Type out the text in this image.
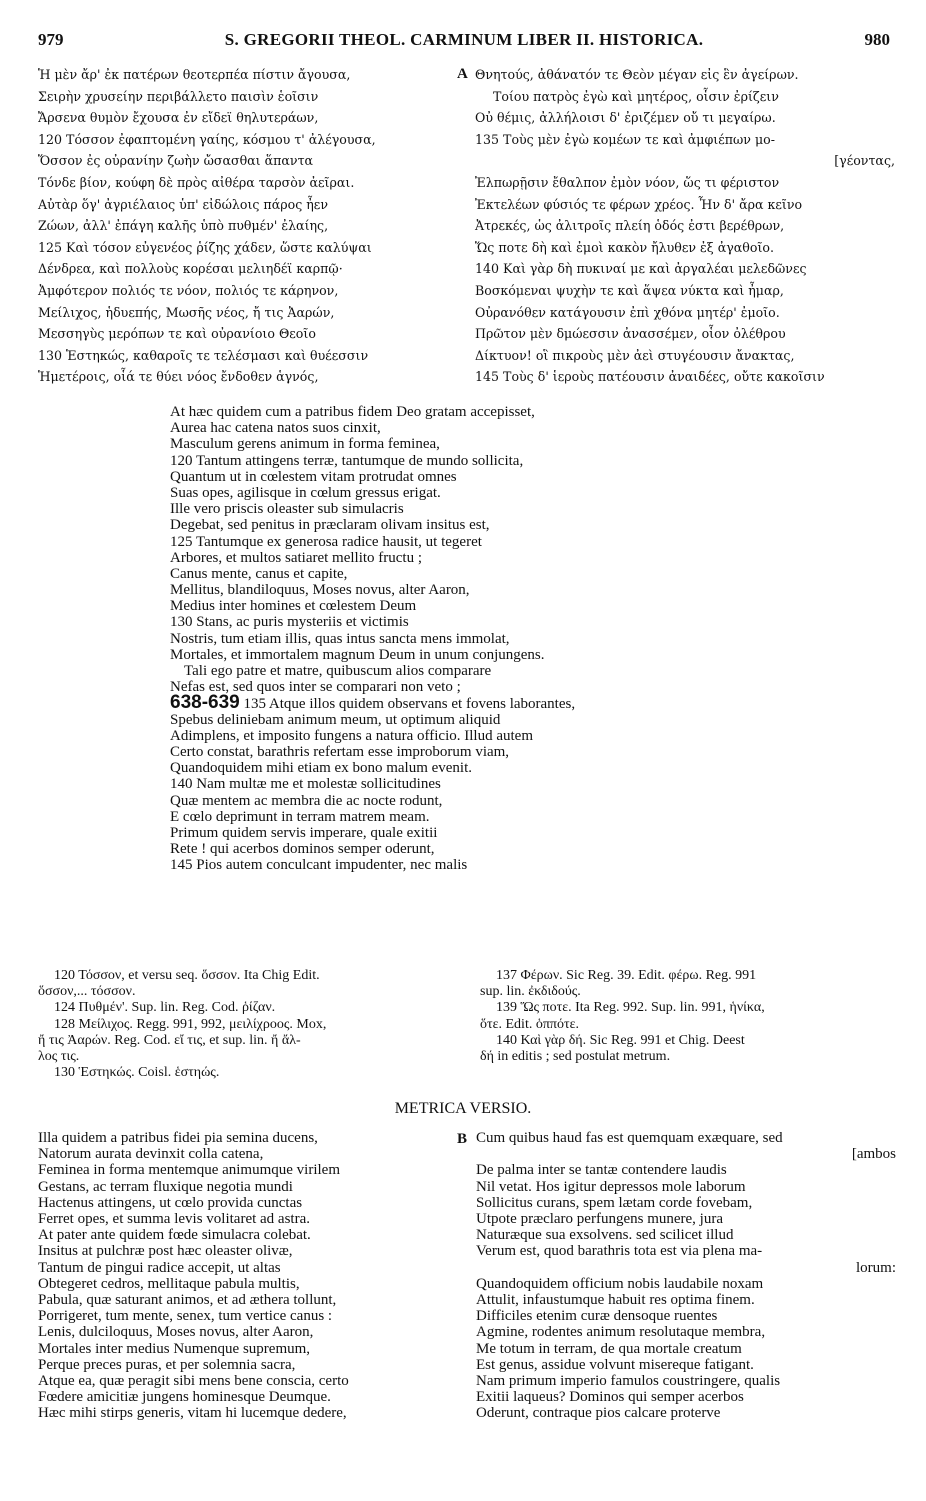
979	S. GREGORII THEOL. CARMINUM LIBER II. HISTORICA.	980
Ἡ μὲν ἄρ' ἐκ πατέρων θεοτερπέα πίστιν ἄγουσα,
Σειρὴν χρυσείην περιβάλλετο παισὶν ἑοῖσιν
Ἄρσενα θυμὸν ἔχουσα ἐν εἴδεϊ θηλυτεράων,
120 Τόσσον ἐφαπτομένη γαίης, κόσμου τ' ἀλέγουσα,
Ὅσσον ἐς οὐρανίην ζωὴν ὤσασθαι ἅπαντα
Τόνδε βίον, κούφη δὲ πρὸς αἰθέρα ταρσὸν ἀεῖραι.
Αὐτὰρ ὅγ' ἀγριέλαιος ὑπ' εἰδώλοις πάρος ἦεν
Ζώων, ἀλλ' ἐπάγη καλῆς ὑπὸ πυθμέν' ἐλαίης,
125 Καὶ τόσον εὐγενέος ῥίζης χάδεν, ὥστε καλύψαι
Δένδρεα, καὶ πολλοὺς κορέσαι μελιηδέϊ καρπῷ·
Ἀμφότερον πολιός τε νόον, πολιός τε κάρηνον,
Μείλιχος, ἡδυεπής, Μωσῆς νέος, ἤ τις Ἀαρών,
Μεσσηγὺς μερόπων τε καὶ οὐρανίοιο Θεοῖο
130 Ἑστηκώς, καθαροῖς τε τελέσμασι καὶ θυέεσσιν
Ἡμετέροις, οἷά τε θύει νόος ἔνδοθεν ἁγνός,
Θνητούς, ἀθάνατόν τε Θεὸν μέγαν εἰς ἓν ἀγείρων.
Τοίου πατρὸς ἐγὼ καὶ μητέρος, οἷσιν ἐρίζειν
Οὐ θέμις, ἀλλήλοισι δ' ἐριζέμεν οὔ τι μεγαίρω.
135 Τοὺς μὲν ἐγὼ κομέων τε καὶ ἀμφιέπων μο-
[γέοντας,
Ἐλπωρῇσιν ἔθαλπον ἐμὸν νόον, ὥς τι φέριστον
Ἐκτελέων φύσιός τε φέρων χρέος. Ἦν δ' ἄρα κεῖνο
Ἀτρεκές, ὡς ἀλιτροῖς πλείη ὁδός ἐστι βερέθρων,
Ὥς ποτε δὴ καὶ ἐμοὶ κακὸν ἤλυθεν ἐξ ἀγαθοῖο.
140 Καὶ γὰρ δὴ πυκιναί με καὶ ἀργαλέαι μελεδῶνες
Βοσκόμεναι ψυχὴν τε καὶ ἅψεα νύκτα καὶ ἦμαρ,
Οὐρανόθεν κατάγουσιν ἐπὶ χθόνα μητέρ' ἐμοῖο.
Πρῶτον μὲν δμώεσσιν ἀνασσέμεν, οἷον ὀλέθρου
Δίκτυον! οἳ πικροὺς μὲν ἀεὶ στυγέουσιν ἄνακτας,
145 Τοὺς δ' ἱεροὺς πατέουσιν ἀναιδέες, οὔτε κακοῖσιν
A
At hæc quidem cum a patribus fidem Deo gratam accepisset,
Aurea hac catena natos suos cinxit,
Masculum gerens animum in forma feminea,
120 Tantum attingens terræ, tantumque de mundo sollicita,
Quantum ut in cœlestem vitam protrudat omnes
Suas opes, agilisque in cœlum gressus erigat.
Ille vero priscis oleaster sub simulacris
Degebat, sed penitus in præclaram olivam insitus est,
125 Tantumque ex generosa radice hausit, ut tegeret
Arbores, et multos satiaret mellito fructu ;
Canus mente, canus et capite,
Mellitus, blandiloquus, Moses novus, alter Aaron,
Medius inter homines et cœlestem Deum
130 Stans, ac puris mysteriis et victimis
Nostris, tum etiam illis, quas intus sancta mens immolat,
Mortales, et immortalem magnum Deum in unum conjungens.
Tali ego patre et matre, quibuscum alios comparare
Nefas est, sed quos inter se comparari non veto ;
638-639 135 Atque illos quidem observans et fovens laborantes,
Spebus deliniebam animum meum, ut optimum aliquid
Adimplens, et imposito fungens a natura officio. Illud autem
Certo constat, barathris refertam esse improborum viam,
Quandoquidem mihi etiam ex bono malum evenit.
140 Nam multæ me et molestæ sollicitudines
Quæ mentem ac membra die ac nocte rodunt,
E cœlo deprimunt in terram matrem meam.
Primum quidem servis imperare, quale exitii
Rete ! qui acerbos dominos semper oderunt,
145 Pios autem conculcant impudenter, nec malis
120 Τόσσον, et versu seq. ὅσσον. Ita Chig Edit.
ὅσσον,... τόσσον.
124 Πυθμέν'. Sup. lin. Reg. Cod. ῥίζαν.
128 Μείλιχος. Regg. 991, 992, μειλίχροος. Mox,
ἤ τις Ἀαρών. Reg. Cod. εἴ τις, et sup. lin. ἤ ἄλ-
λος τις.
130 Ἑστηκώς. Coisl. ἑστηώς.
137 Φέρων. Sic Reg. 39. Edit. φέρω. Reg. 991
sup. lin. ἐκδιδούς.
139 Ὥς ποτε. Ita Reg. 992. Sup. lin. 991, ἡνίκα,
ὅτε. Edit. ὁππότε.
140 Καὶ γὰρ δή. Sic Reg. 991 et Chig. Deest
δή in editis ; sed postulat metrum.
METRICA VERSIO.
Illa quidem a patribus fidei pia semina ducens,
Natorum aurata devinxit colla catena,
Feminea in forma mentemque animumque virilem
Gestans, ac terram fluxique negotia mundi
Hactenus attingens, ut cœlo provida cunctas
Ferret opes, et summa levis volitaret ad astra.
At pater ante quidem fœde simulacra colebat.
Insitus at pulchræ post hæc oleaster olivæ,
Tantum de pingui radice accepit, ut altas
Obtegeret cedros, mellitaque pabula multis,
Pabula, quæ saturant animos, et ad æthera tollunt,
Porrigeret, tum mente, senex, tum vertice canus :
Lenis, dulciloquus, Moses novus, alter Aaron,
Mortales inter medius Numenque supremum,
Perque preces puras, et per solemnia sacra,
Atque ea, quæ peragit sibi mens bene conscia, certo
Fœdere amicitiæ jungens hominesque Deumque.
Hæc mihi stirps generis, vitam hi lucemque dedere,
Cum quibus haud fas est quemquam exæquare, sed
[ambos
De palma inter se tantæ contendere laudis
Nil vetat. Hos igitur depressos mole laborum
Sollicitus curans, spem lætam corde fovebam,
Utpote præclaro perfungens munere, jura
Naturæque sua exsolvens. sed scilicet illud
Verum est, quod barathris tota est via plena ma-
lorum:
Quandoquidem officium nobis laudabile noxam
Attulit, infaustumque habuit res optima finem.
Difficiles etenim curæ densoque ruentes
Agmine, rodentes animum resolutaque membra,
Me totum in terram, de qua mortale creatum
Est genus, assidue volvunt misereque fatigant.
Nam primum imperio famulos coustringere, qualis
Exitii laqueus? Dominos qui semper acerbos
Oderunt, contraque pios calcare proterve
B
